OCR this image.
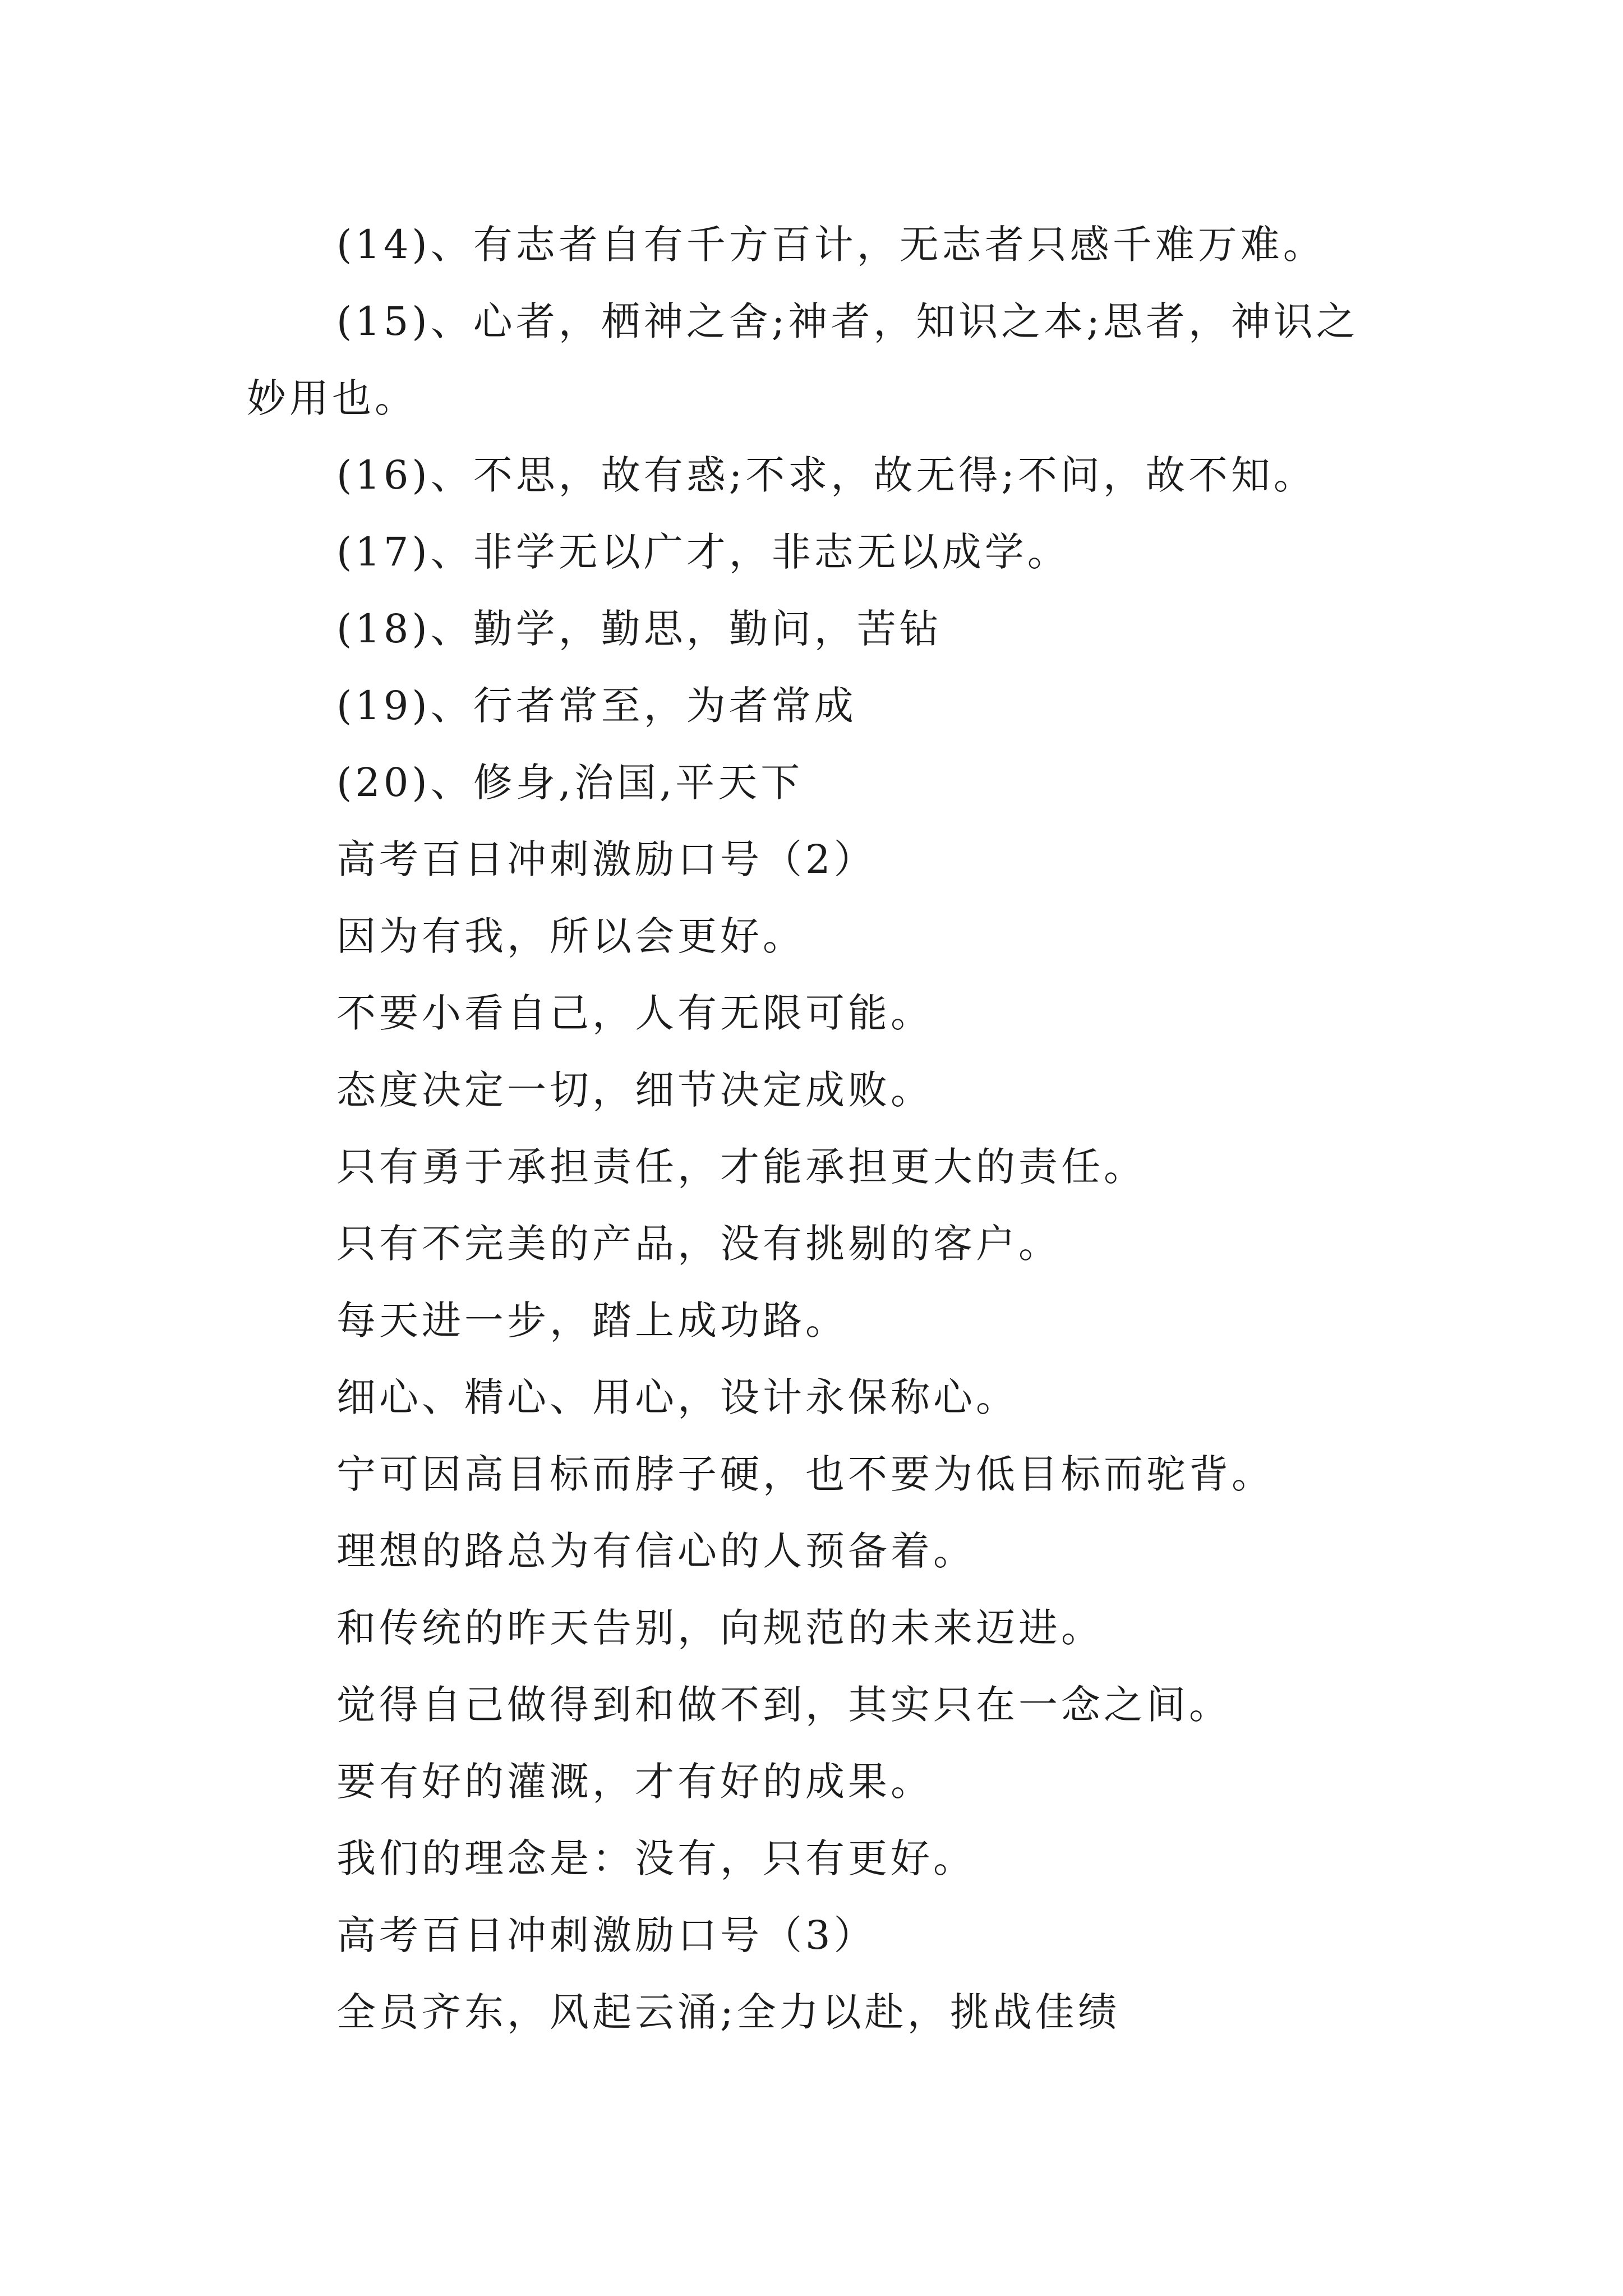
(14)、有志者自有千方百计，无志者只感千难万难。
(15)、心者，栖神之舍;神者，知识之本;思者，神识之妙用也。
(16)、不思，故有惑;不求，故无得;不问，故不知。
(17)、非学无以广才，非志无以成学。
(18)、勤学，勤思，勤问，苦钻
(19)、行者常至，为者常成
(20)、修身,治国,平天下
高考百日冲刺激励口号（2）
因为有我，所以会更好。
不要小看自己，人有无限可能。
态度决定一切，细节决定成败。
只有勇于承担责任，才能承担更大的责任。
只有不完美的产品，没有挑剔的客户。
每天进一步，踏上成功路。
细心、精心、用心，设计永保称心。
宁可因高目标而脖子硬，也不要为低目标而驼背。
理想的路总为有信心的人预备着。
和传统的昨天告别，向规范的未来迈进。
觉得自己做得到和做不到，其实只在一念之间。
要有好的灌溉，才有好的成果。
我们的理念是：没有，只有更好。
高考百日冲刺激励口号（3）
全员齐东，风起云涌;全力以赴，挑战佳绩
